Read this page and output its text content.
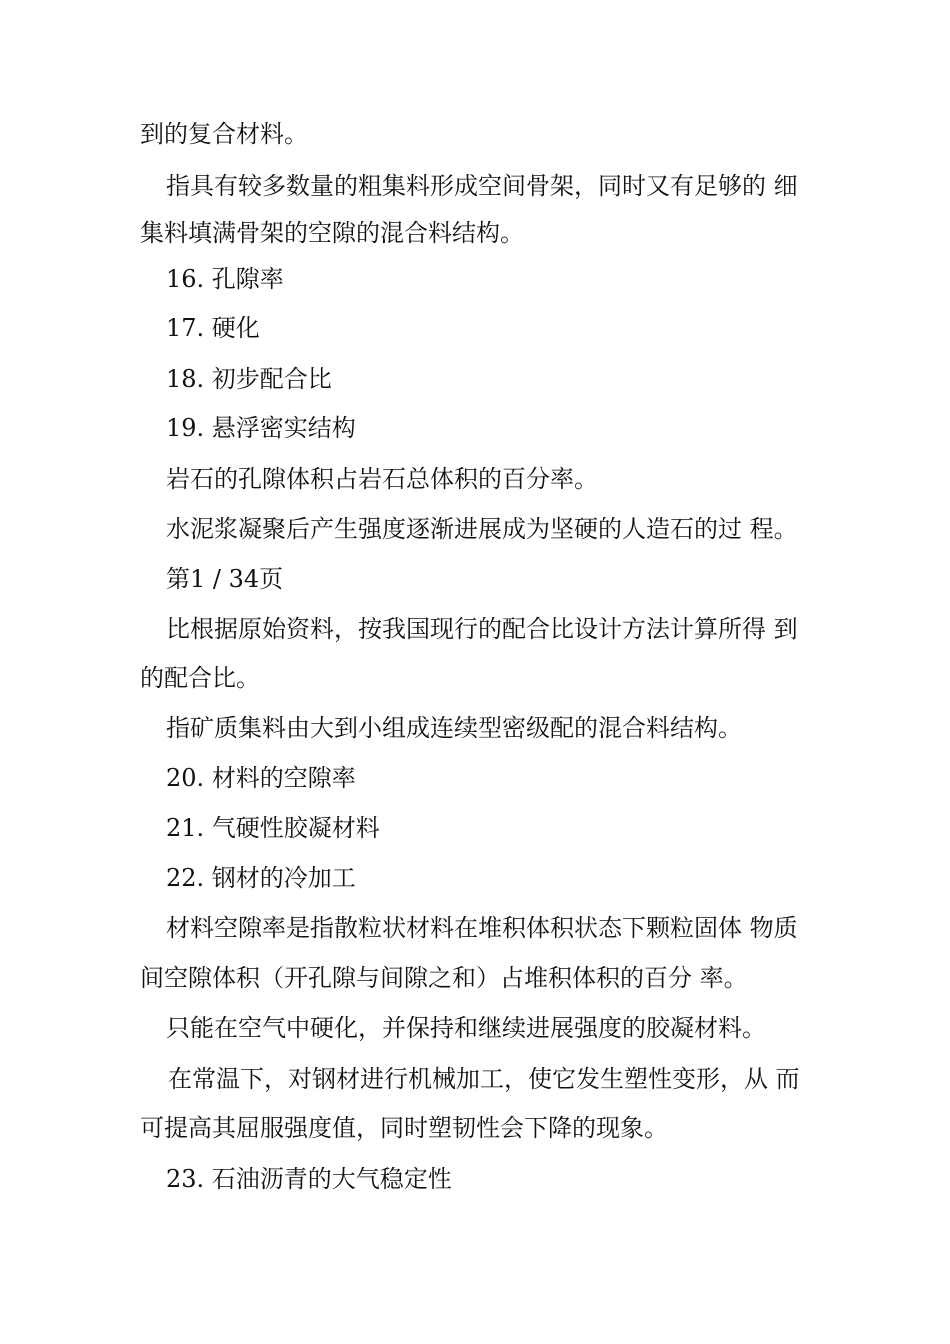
到的复合材料。

指具有较多数量的粗集料形成空间骨架，同时又有足够的 细

集料填满骨架的空隙的混合料结构。

16. 孔隙率

17. 硬化

18. 初步配合比

19. 悬浮密实结构

岩石的孔隙体积占岩石总体积的百分率。

水泥浆凝聚后产生强度逐渐进展成为坚硬的人造石的过 程。

第1 / 34页

比根据原始资料，按我国现行的配合比设计方法计算所得 到

的配合比。

指矿质集料由大到小组成连续型密级配的混合料结构。

20. 材料的空隙率

21. 气硬性胶凝材料

22. 钢材的冷加工

材料空隙率是指散粒状材料在堆积体积状态下颗粒固体 物质

间空隙体积（开孔隙与间隙之和）占堆积体积的百分 率。

只能在空气中硬化，并保持和继续进展强度的胶凝材料。

在常温下，对钢材进行机械加工，使它发生塑性变形，从 而

可提高其屈服强度值，同时塑韧性会下降的现象。

23. 石油沥青的大气稳定性
